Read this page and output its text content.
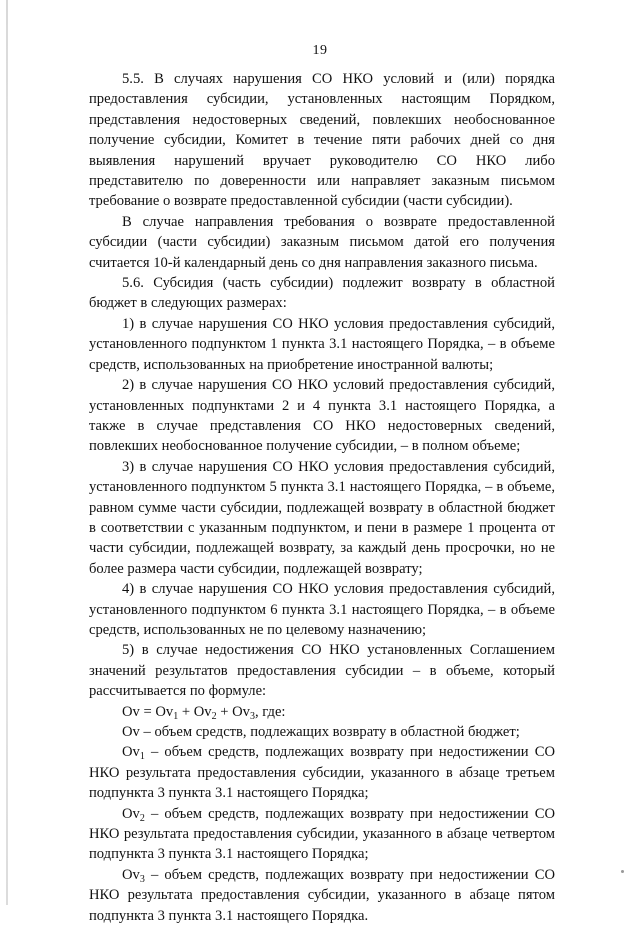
19

5.5. В случаях нарушения СО НКО условий и (или) порядка предоставления субсидии, установленных настоящим Порядком, представления недостоверных сведений, повлекших необоснованное получение субсидии, Комитет в течение пяти рабочих дней со дня выявления нарушений вручает руководителю СО НКО либо представителю по доверенности или направляет заказным письмом требование о возврате предоставленной субсидии (части субсидии).

В случае направления требования о возврате предоставленной субсидии (части субсидии) заказным письмом датой его получения считается 10-й календарный день со дня направления заказного письма.

5.6. Субсидия (часть субсидии) подлежит возврату в областной бюджет в следующих размерах:

1) в случае нарушения СО НКО условия предоставления субсидий, установленного подпунктом 1 пункта 3.1 настоящего Порядка, – в объеме средств, использованных на приобретение иностранной валюты;

2) в случае нарушения СО НКО условий предоставления субсидий, установленных подпунктами 2 и 4 пункта 3.1 настоящего Порядка, а также в случае представления СО НКО недостоверных сведений, повлекших необоснованное получение субсидии, – в полном объеме;

3) в случае нарушения СО НКО условия предоставления субсидий, установленного подпунктом 5 пункта 3.1 настоящего Порядка, – в объеме, равном сумме части субсидии, подлежащей возврату в областной бюджет в соответствии с указанным подпунктом, и пени в размере 1 процента от части субсидии, подлежащей возврату, за каждый день просрочки, но не более размера части субсидии, подлежащей возврату;

4) в случае нарушения СО НКО условия предоставления субсидий, установленного подпунктом 6 пункта 3.1 настоящего Порядка, – в объеме средств, использованных не по целевому назначению;

5) в случае недостижения СО НКО установленных Соглашением значений результатов предоставления субсидии – в объеме, который рассчитывается по формуле:

$Ov = Ov_1 + Ov_2 + Ov_3$, где:

Ov – объем средств, подлежащих возврату в областной бюджет;

$Ov_1$ – объем средств, подлежащих возврату при недостижении СО НКО результата предоставления субсидии, указанного в абзаце третьем подпункта 3 пункта 3.1 настоящего Порядка;

$Ov_2$ – объем средств, подлежащих возврату при недостижении СО НКО результата предоставления субсидии, указанного в абзаце четвертом подпункта 3 пункта 3.1 настоящего Порядка;

$Ov_3$ – объем средств, подлежащих возврату при недостижении СО НКО результата предоставления субсидии, указанного в абзаце пятом подпункта 3 пункта 3.1 настоящего Порядка.
